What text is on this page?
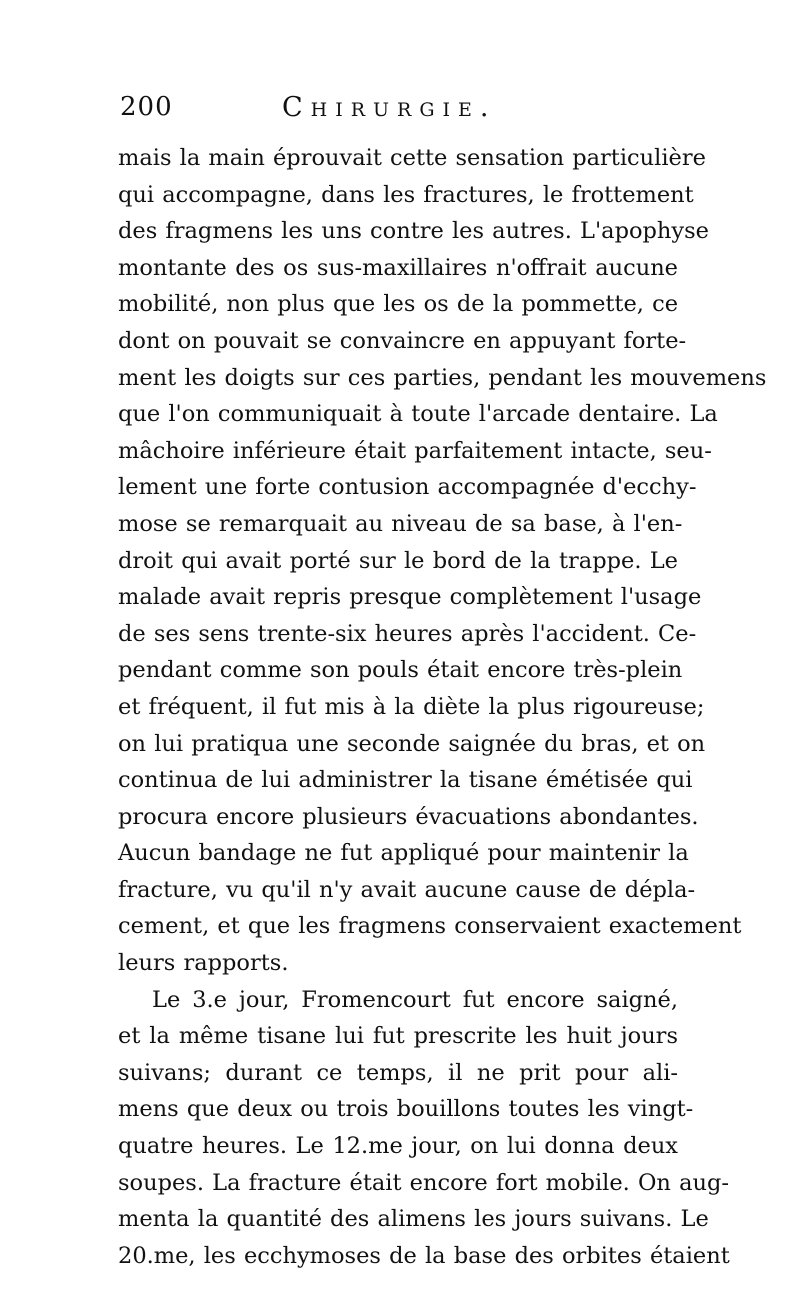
200	Chirurgie.
mais la main éprouvait cette sensation particulière
qui accompagne, dans les fractures, le frottement
des fragmens les uns contre les autres. L'apophyse
montante des os sus-maxillaires n'offrait aucune
mobilité, non plus que les os de la pommette, ce
dont on pouvait se convaincre en appuyant forte-
ment les doigts sur ces parties, pendant les mouvemens
que l'on communiquait à toute l'arcade dentaire. La
mâchoire inférieure était parfaitement intacte, seu-
lement une forte contusion accompagnée d'ecchy-
mose se remarquait au niveau de sa base, à l'en-
droit qui avait porté sur le bord de la trappe. Le
malade avait repris presque complètement l'usage
de ses sens trente-six heures après l'accident. Ce-
pendant comme son pouls était encore très-plein
et fréquent, il fut mis à la diète la plus rigoureuse;
on lui pratiqua une seconde saignée du bras, et on
continua de lui administrer la tisane émétisée qui
procura encore plusieurs évacuations abondantes.
Aucun bandage ne fut appliqué pour maintenir la
fracture, vu qu'il n'y avait aucune cause de dépla-
cement, et que les fragmens conservaient exactement
leurs rapports.
Le 3.e jour, Fromencourt fut encore saigné,
et la même tisane lui fut prescrite les huit jours
suivans; durant ce temps, il ne prit pour ali-
mens que deux ou trois bouillons toutes les vingt-
quatre heures. Le 12.me jour, on lui donna deux
soupes. La fracture était encore fort mobile. On aug-
menta la quantité des alimens les jours suivans. Le
20.me, les ecchymoses de la base des orbites étaient
